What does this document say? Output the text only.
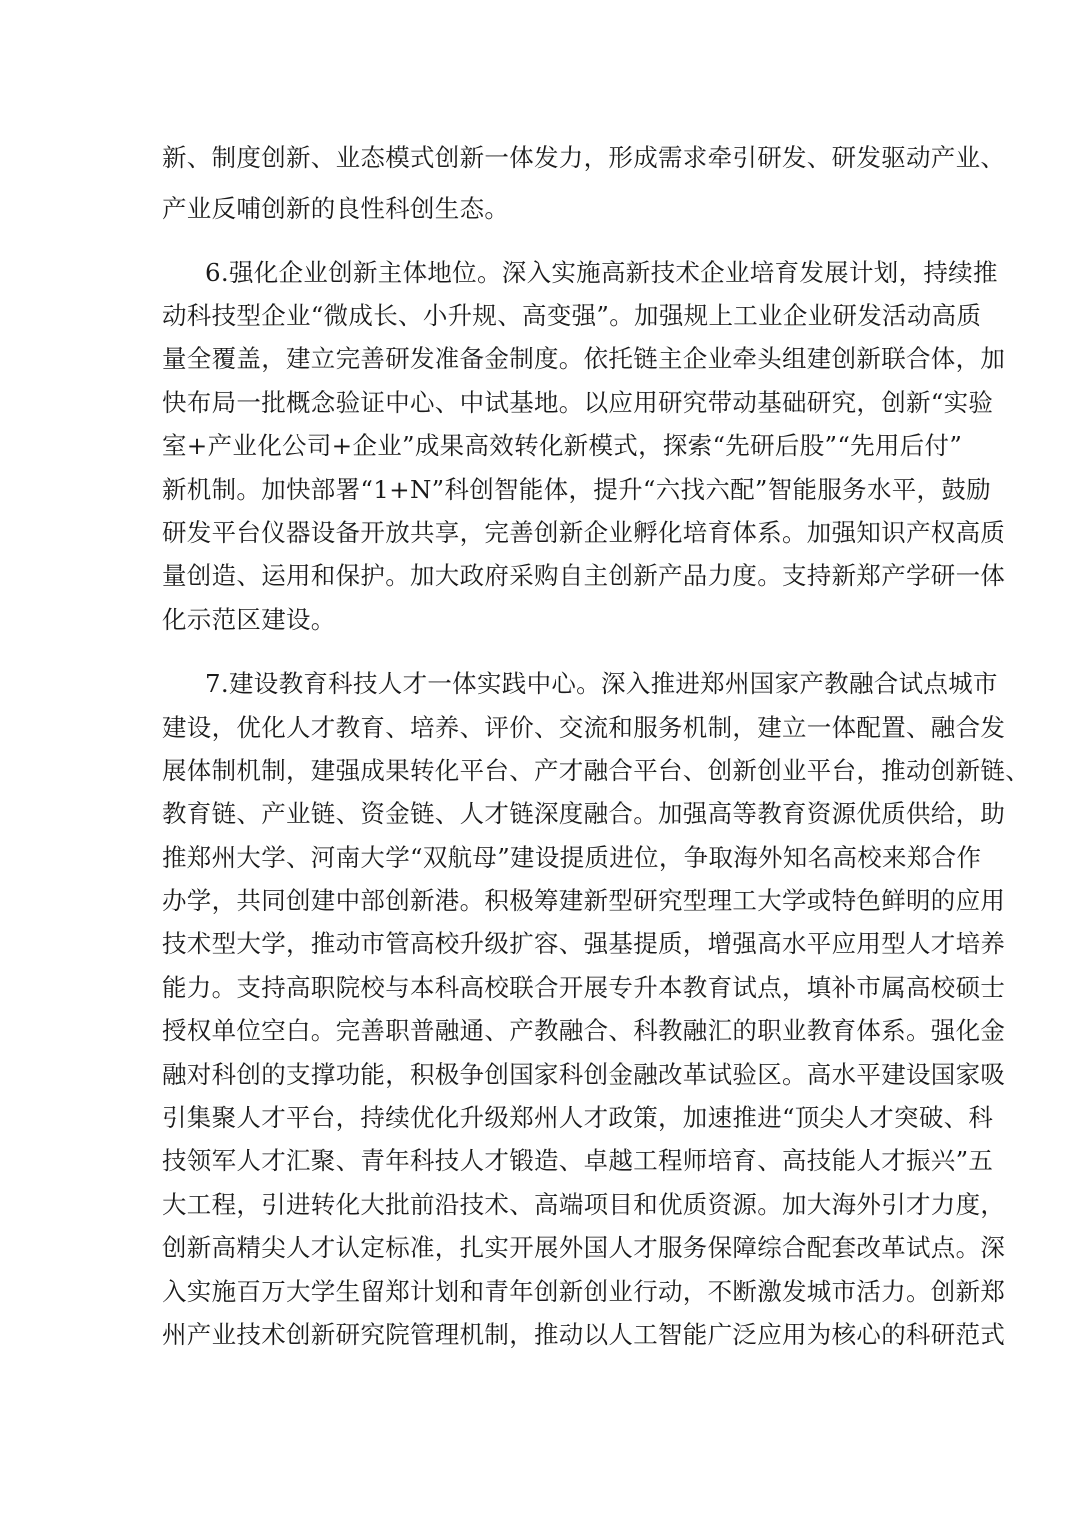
新、制度创新、业态模式创新一体发力，形成需求牵引研发、研发驱动产业、
产业反哺创新的良性科创生态。
6.强化企业创新主体地位。深入实施高新技术企业培育发展计划，持续推
动科技型企业“微成长、小升规、高变强”。加强规上工业企业研发活动高质
量全覆盖，建立完善研发准备金制度。依托链主企业牵头组建创新联合体，加
快布局一批概念验证中心、中试基地。以应用研究带动基础研究，创新“实验
室+产业化公司+企业”成果高效转化新模式，探索“先研后股”“先用后付”
新机制。加快部署“1+N”科创智能体，提升“六找六配”智能服务水平，鼓励
研发平台仪器设备开放共享，完善创新企业孵化培育体系。加强知识产权高质
量创造、运用和保护。加大政府采购自主创新产品力度。支持新郑产学研一体
化示范区建设。
7.建设教育科技人才一体实践中心。深入推进郑州国家产教融合试点城市
建设，优化人才教育、培养、评价、交流和服务机制，建立一体配置、融合发
展体制机制，建强成果转化平台、产才融合平台、创新创业平台，推动创新链、
教育链、产业链、资金链、人才链深度融合。加强高等教育资源优质供给，助
推郑州大学、河南大学“双航母”建设提质进位，争取海外知名高校来郑合作
办学，共同创建中部创新港。积极筹建新型研究型理工大学或特色鲜明的应用
技术型大学，推动市管高校升级扩容、强基提质，增强高水平应用型人才培养
能力。支持高职院校与本科高校联合开展专升本教育试点，填补市属高校硕士
授权单位空白。完善职普融通、产教融合、科教融汇的职业教育体系。强化金
融对科创的支撑功能，积极争创国家科创金融改革试验区。高水平建设国家吸
引集聚人才平台，持续优化升级郑州人才政策，加速推进“顶尖人才突破、科
技领军人才汇聚、青年科技人才锻造、卓越工程师培育、高技能人才振兴”五
大工程，引进转化大批前沿技术、高端项目和优质资源。加大海外引才力度，
创新高精尖人才认定标准，扎实开展外国人才服务保障综合配套改革试点。深
入实施百万大学生留郑计划和青年创新创业行动，不断激发城市活力。创新郑
州产业技术创新研究院管理机制，推动以人工智能广泛应用为核心的科研范式
